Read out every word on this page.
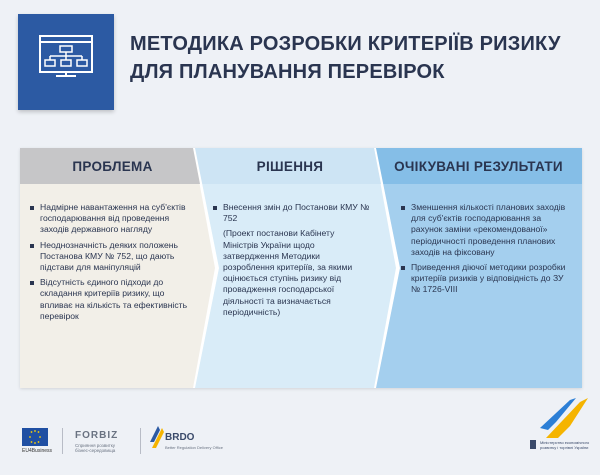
МЕТОДИКА РОЗРОБКИ КРИТЕРІЇВ РИЗИКУ
ДЛЯ ПЛАНУВАННЯ ПЕРЕВІРОК
ПРОБЛЕМА	РІШЕННЯ	ОЧІКУВАНІ РЕЗУЛЬТАТИ
Надмірне навантаження на суб'єктів господарювання від проведення заходів державного нагляду
Неоднозначність деяких положень Постанова КМУ № 752, що дають підстави для маніпуляцій
Відсутність єдиного підходи до складання критеріїв ризику, що впливає на кількість та ефективність перевірок
Внесення змін до Постанови КМУ № 752
(Проект постанови Кабінету Міністрів України щодо затвердження Методики розроблення критеріїв, за якими оцінюється ступінь ризику від провадження господарської діяльності та визначається періодичність)
Зменшення кількості планових заходів для суб'єктів господарювання за рахунок заміни «рекомендованої» періодичності проведення планових заходів на фіксовану
Приведення діючої методики розробки критеріїв ризиків у відповідність до ЗУ № 1726-VIII
EU4Business
FORBIZ
Сприяння розвитку бізнес-середовища
BRDO
Better Regulation Delivery Office
Міністерство економічного розвитку і торгівлі України
